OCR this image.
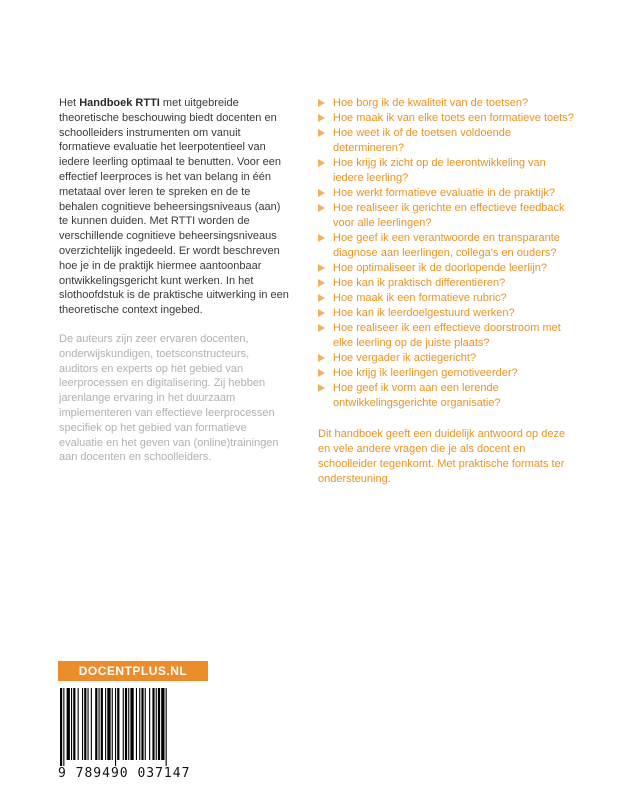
Het Handboek RTTI met uitgebreide theoretische beschouwing biedt docenten en schoolleiders instrumenten om vanuit formatieve evaluatie het leerpotentieel van iedere leerling optimaal te benutten. Voor een effectief leerproces is het van belang in één metataal over leren te spreken en de te behalen cognitieve beheersingsniveaus (aan) te kunnen duiden. Met RTTI worden de verschillende cognitieve beheersingsniveaus overzichtelijk ingedeeld. Er wordt beschreven hoe je in de praktijk hiermee aantoonbaar ontwikkelingsgericht kunt werken. In het slothoofdstuk is de praktische uitwerking in een theoretische context ingebed.

De auteurs zijn zeer ervaren docenten, onderwijskundigen, toetsconstructeurs, auditors en experts op het gebied van leerprocessen en digitalisering. Zij hebben jarenlange ervaring in het duurzaam implementeren van effectieve leerprocessen specifiek op het gebied van formatieve evaluatie en het geven van (online)trainingen aan docenten en schoolleiders.

Hoe borg ik de kwaliteit van de toetsen?
Hoe maak ik van elke toets een formatieve toets?
Hoe weet ik of de toetsen voldoende determineren?
Hoe krijg ik zicht op de leerontwikkeling van iedere leerling?
Hoe werkt formatieve evaluatie in de praktijk?
Hoe realiseer ik gerichte en effectieve feedback voor alle leerlingen?
Hoe geef ik een verantwoorde en transparante diagnose aan leerlingen, collega's en ouders?
Hoe optimaliseer ik de doorlopende leerlijn?
Hoe kan ik praktisch differentiëren?
Hoe maak ik een formatieve rubric?
Hoe kan ik leerdoelgestuurd werken?
Hoe realiseer ik een effectieve doorstroom met elke leerling op de juiste plaats?
Hoe vergader ik actiegericht?
Hoe krijg ik leerlingen gemotiveerder?
Hoe geef ik vorm aan een lerende ontwikkelingsgerichte organisatie?

Dit handboek geeft een duidelijk antwoord op deze en vele andere vragen die je als docent en schoolleider tegenkomt. Met praktische formats ter ondersteuning.

DOCENTPLUS.NL
9 789490 037147
